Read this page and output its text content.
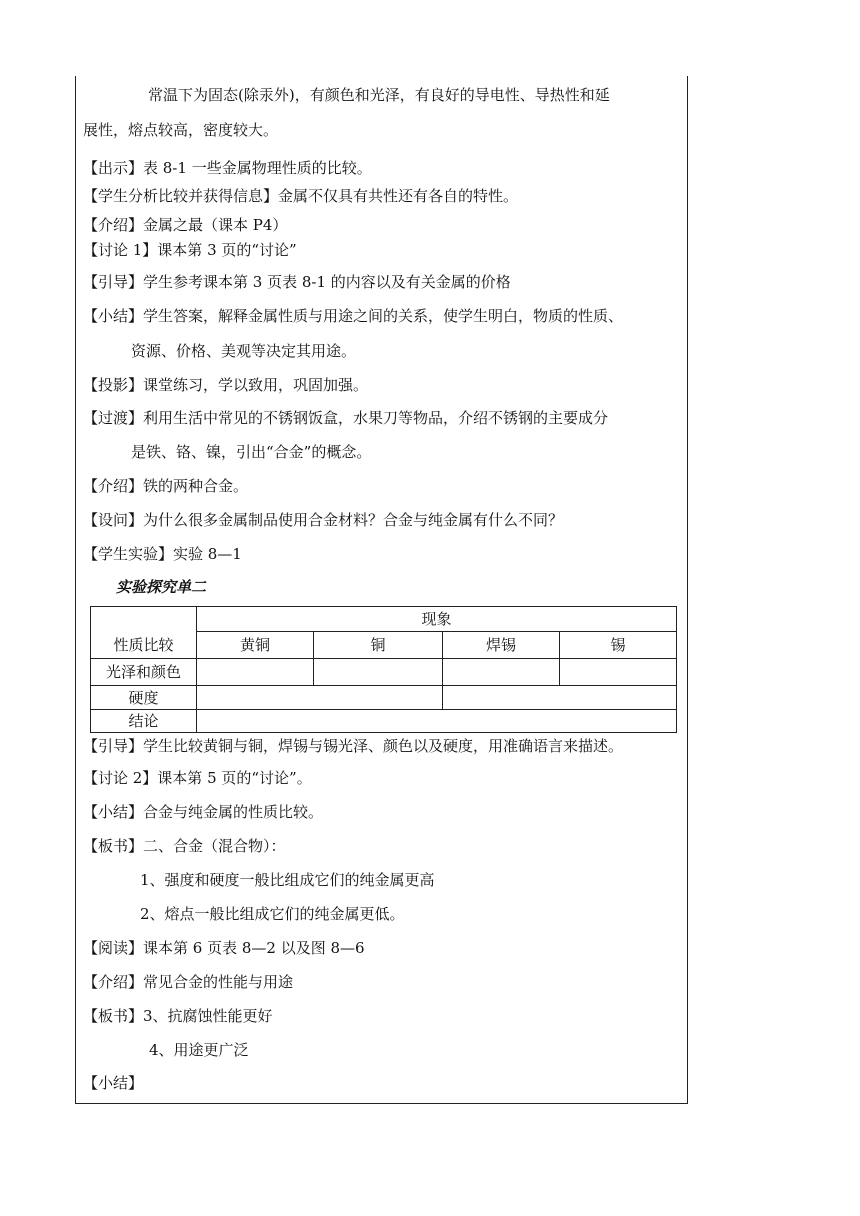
常温下为固态(除汞外)，有颜色和光泽，有良好的导电性、导热性和延
展性，熔点较高，密度较大。
【出示】表 8-1 一些金属物理性质的比较。
【学生分析比较并获得信息】金属不仅具有共性还有各自的特性。
【介绍】金属之最（课本 P4）
【讨论 1】课本第 3 页的“讨论”
【引导】学生参考课本第 3 页表 8-1 的内容以及有关金属的价格
【小结】学生答案，解释金属性质与用途之间的关系，使学生明白，物质的性质、
资源、价格、美观等决定其用途。
【投影】课堂练习，学以致用，巩固加强。
【过渡】利用生活中常见的不锈钢饭盒，水果刀等物品，介绍不锈钢的主要成分
是铁、铬、镍，引出“合金”的概念。
【介绍】铁的两种合金。
【设问】为什么很多金属制品使用合金材料？合金与纯金属有什么不同？
【学生实验】实验 8—1
实验探究单二
性质比较	现象			
	黄铜	铜	焊锡	锡
光泽和颜色				
硬度				
结论				
【引导】学生比较黄铜与铜，焊锡与锡光泽、颜色以及硬度，用准确语言来描述。
【讨论 2】课本第 5 页的“讨论”。
【小结】合金与纯金属的性质比较。
【板书】二、合金（混合物）：
1、强度和硬度一般比组成它们的纯金属更高
2、熔点一般比组成它们的纯金属更低。
【阅读】课本第 6 页表 8—2 以及图 8—6
【介绍】常见合金的性能与用途
【板书】3、抗腐蚀性能更好
4、用途更广泛
【小结】
